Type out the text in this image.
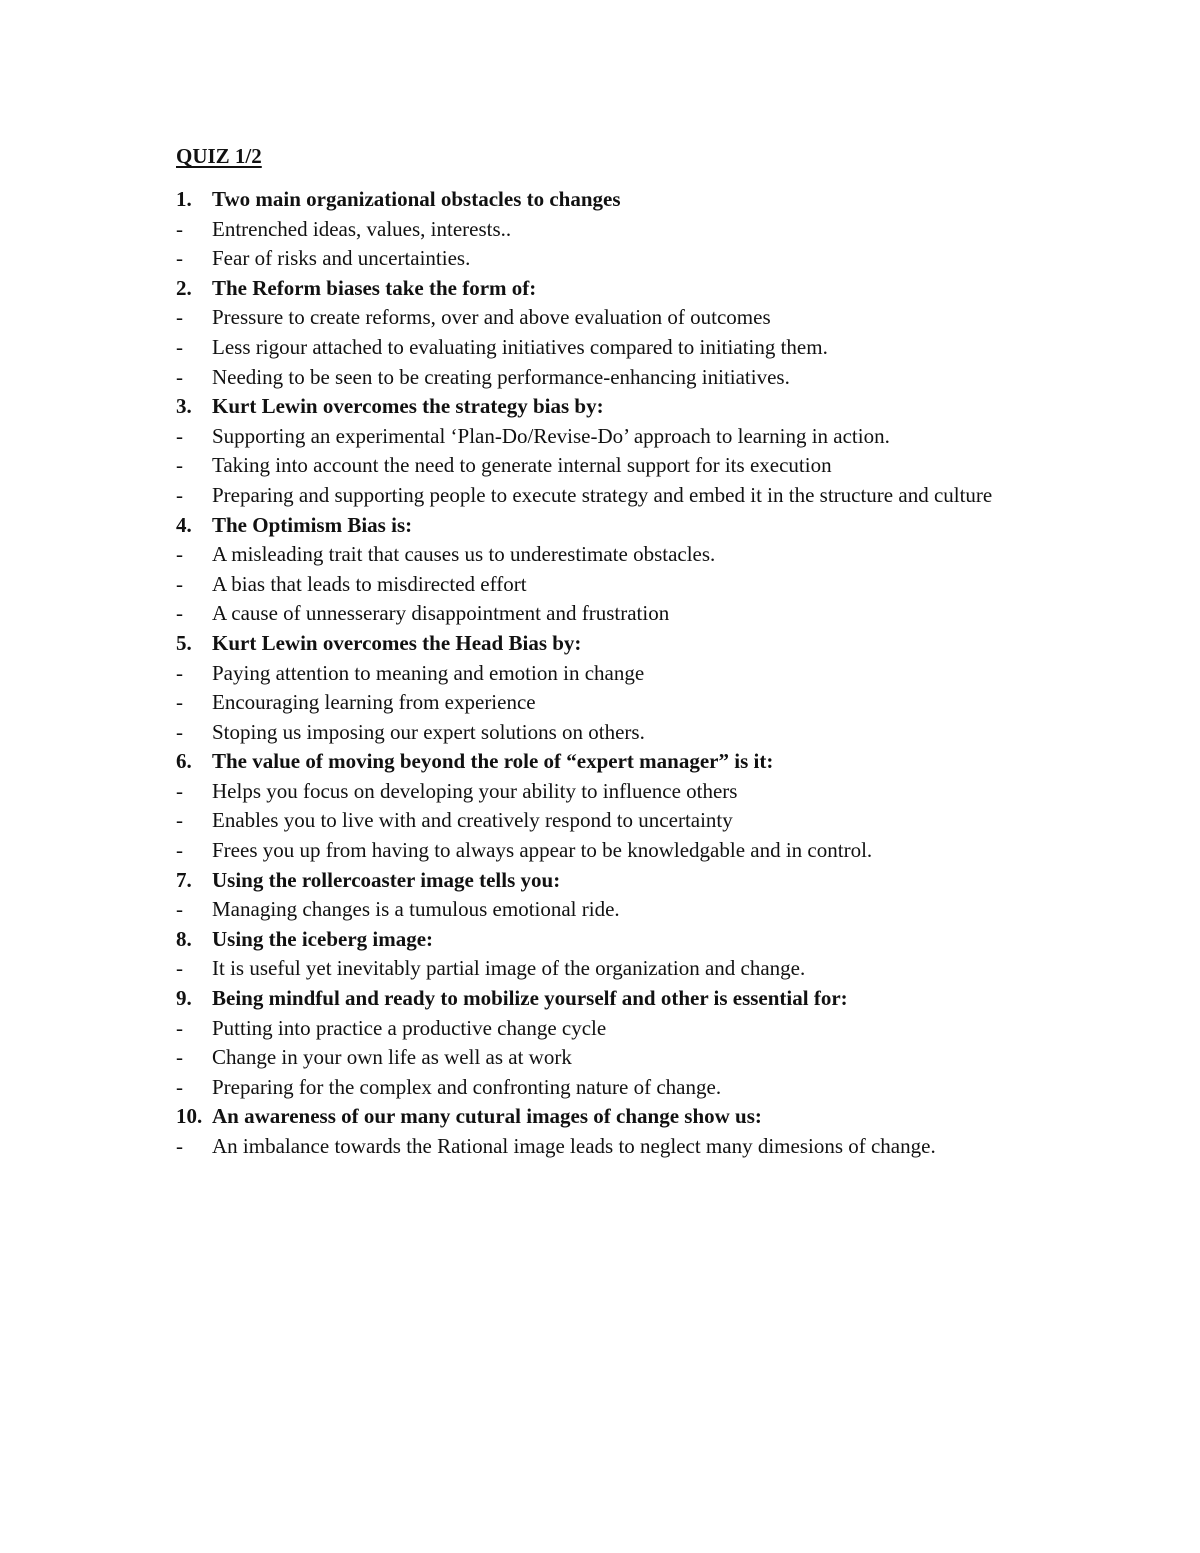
QUIZ 1/2
1. Two main organizational obstacles to changes
- Entrenched ideas, values, interests..
- Fear of risks and uncertainties.
2. The Reform biases take the form of:
- Pressure to create reforms, over and above evaluation of outcomes
- Less rigour attached to evaluating initiatives compared to initiating them.
- Needing to be seen to be creating performance-enhancing initiatives.
3. Kurt Lewin overcomes the strategy bias by:
- Supporting an experimental ‘Plan-Do/Revise-Do’ approach to learning in action.
- Taking into account the need to generate internal support for its execution
- Preparing and supporting people to execute strategy and embed it in the structure and culture
4. The Optimism Bias is:
- A misleading trait that causes us to underestimate obstacles.
- A bias that leads to misdirected effort
- A cause of unnesserary disappointment and frustration
5. Kurt Lewin overcomes the Head Bias by:
- Paying attention to meaning and emotion in change
- Encouraging learning from experience
- Stoping us imposing our expert solutions on others.
6. The value of moving beyond the role of “expert manager” is it:
- Helps you focus on developing your ability to influence others
- Enables you to live with and creatively respond to uncertainty
- Frees you up from having to always appear to be knowledgable and in control.
7. Using the rollercoaster image tells you:
- Managing changes is a tumulous emotional ride.
8. Using the iceberg image:
- It is useful yet inevitably partial image of the organization and change.
9. Being mindful and ready to mobilize yourself and other is essential for:
- Putting into practice a productive change cycle
- Change in your own life as well as at work
- Preparing for the complex and confronting nature of change.
10. An awareness of our many cutural images of change show us:
- An imbalance towards the Rational image leads to neglect many dimesions of change.
